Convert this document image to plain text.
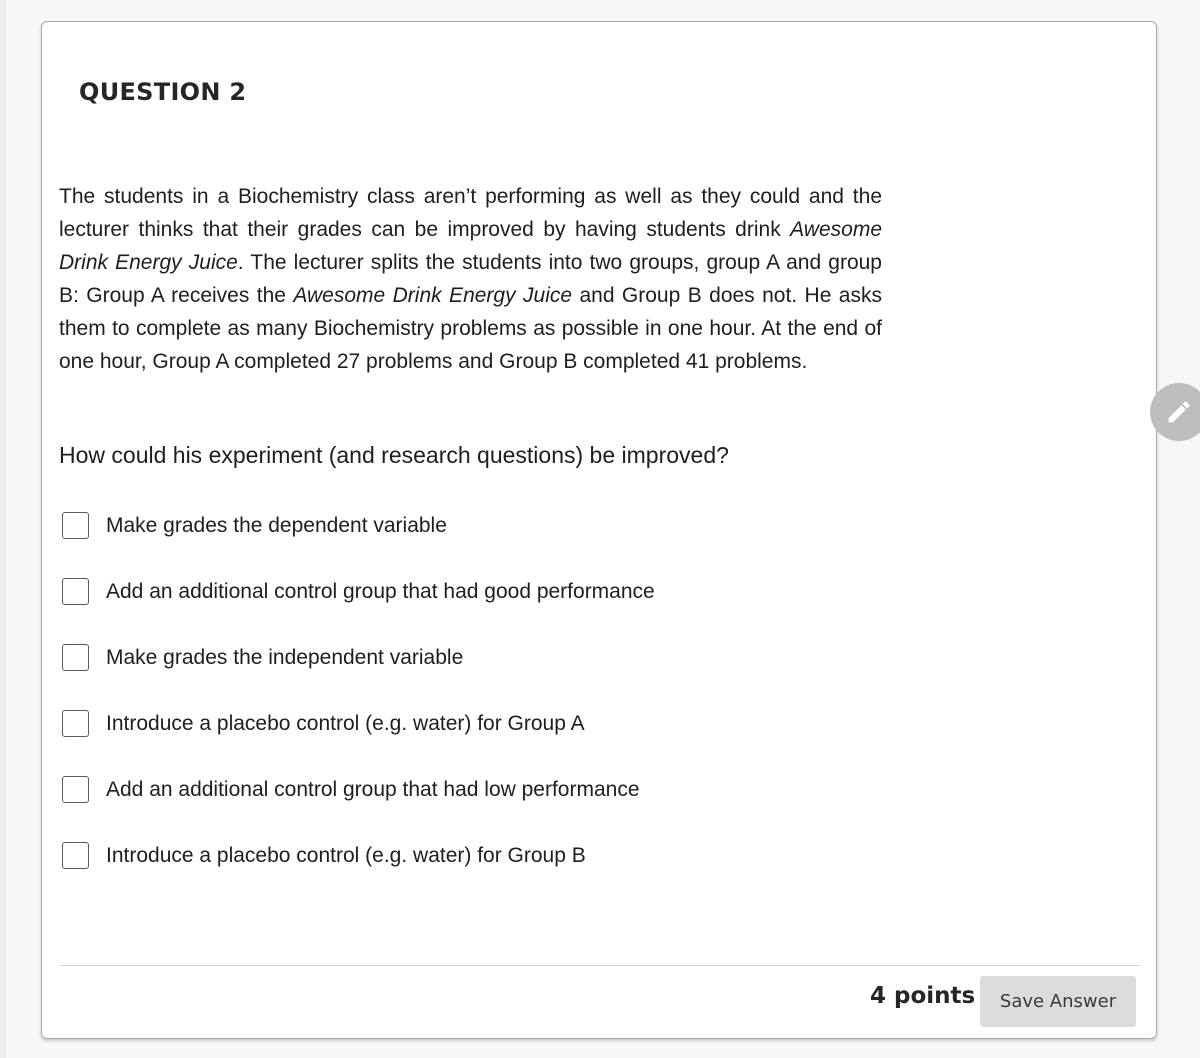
QUESTION 2

The students in a Biochemistry class aren’t performing as well as they could and the lecturer thinks that their grades can be improved by having students drink Awesome Drink Energy Juice. The lecturer splits the students into two groups, group A and group B: Group A receives the Awesome Drink Energy Juice and Group B does not. He asks them to complete as many Biochemistry problems as possible in one hour. At the end of one hour, Group A completed 27 problems and Group B completed 41 problems.

How could his experiment (and research questions) be improved?

Make grades the dependent variable
Add an additional control group that had good performance
Make grades the independent variable
Introduce a placebo control (e.g. water) for Group A
Add an additional control group that had low performance
Introduce a placebo control (e.g. water) for Group B
4 points	Save Answer
